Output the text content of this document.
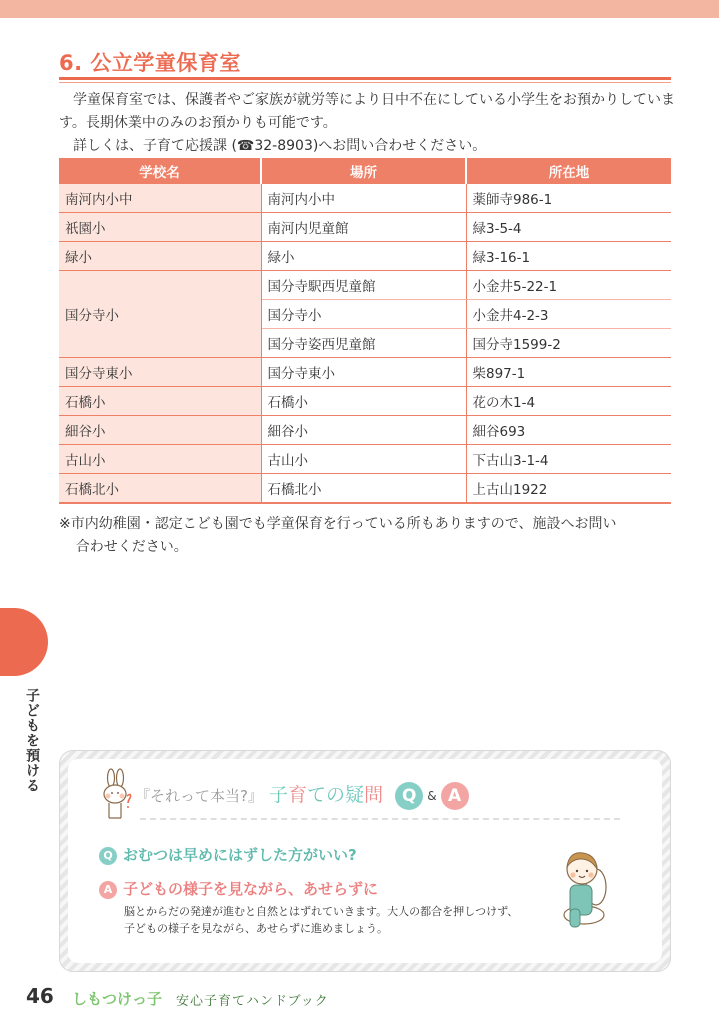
6. 公立学童保育室

学童保育室では、保護者やご家族が就労等により日中不在にしている小学生をお預かりしています。長期休業中のみのお預かりも可能です。

詳しくは、子育て応援課 (☎32-8903)へお問い合わせください。

学校名	場所	所在地
南河内小中	南河内小中	薬師寺986-1
祇園小	南河内児童館	緑3-5-4
緑小	緑小	緑3-16-1
国分寺小	国分寺駅西児童館	小金井5-22-1
	国分寺小	小金井4-2-3
	国分寺姿西児童館	国分寺1599-2
国分寺東小	国分寺東小	柴897-1
石橋小	石橋小	花の木1-4
細谷小	細谷小	細谷693
古山小	古山小	下古山3-1-4
石橋北小	石橋北小	上古山1922

※市内幼稚園・認定こども園でも学童保育を行っている所もありますので、施設へお問い

合わせください。

子どもを預ける
『それって本当?』 子育ての疑問 Q & A
Q おむつは早めにはずした方がいい?
A 子どもの様子を見ながら、あせらずに

脳とからだの発達が進むと自然とはずれていきます。大人の都合を押しつけず、

子どもの様子を見ながら、あせらずに進めましょう。

46 しもつけっ子 安心子育てハンドブック
